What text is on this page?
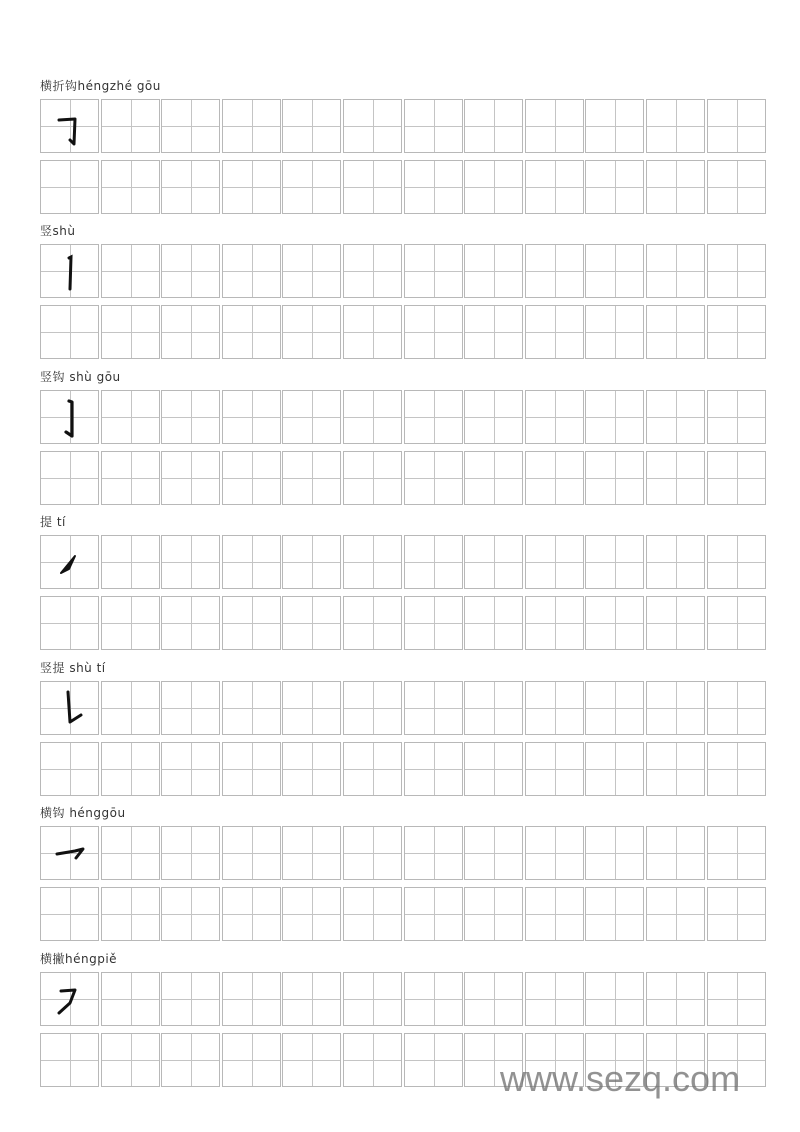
横折钩héngzhé gōu
竖shù
竖钩 shù gōu
提 tí
竖提 shù tí
横钩 hénggōu
横撇héngpiě
www.sezq.com
